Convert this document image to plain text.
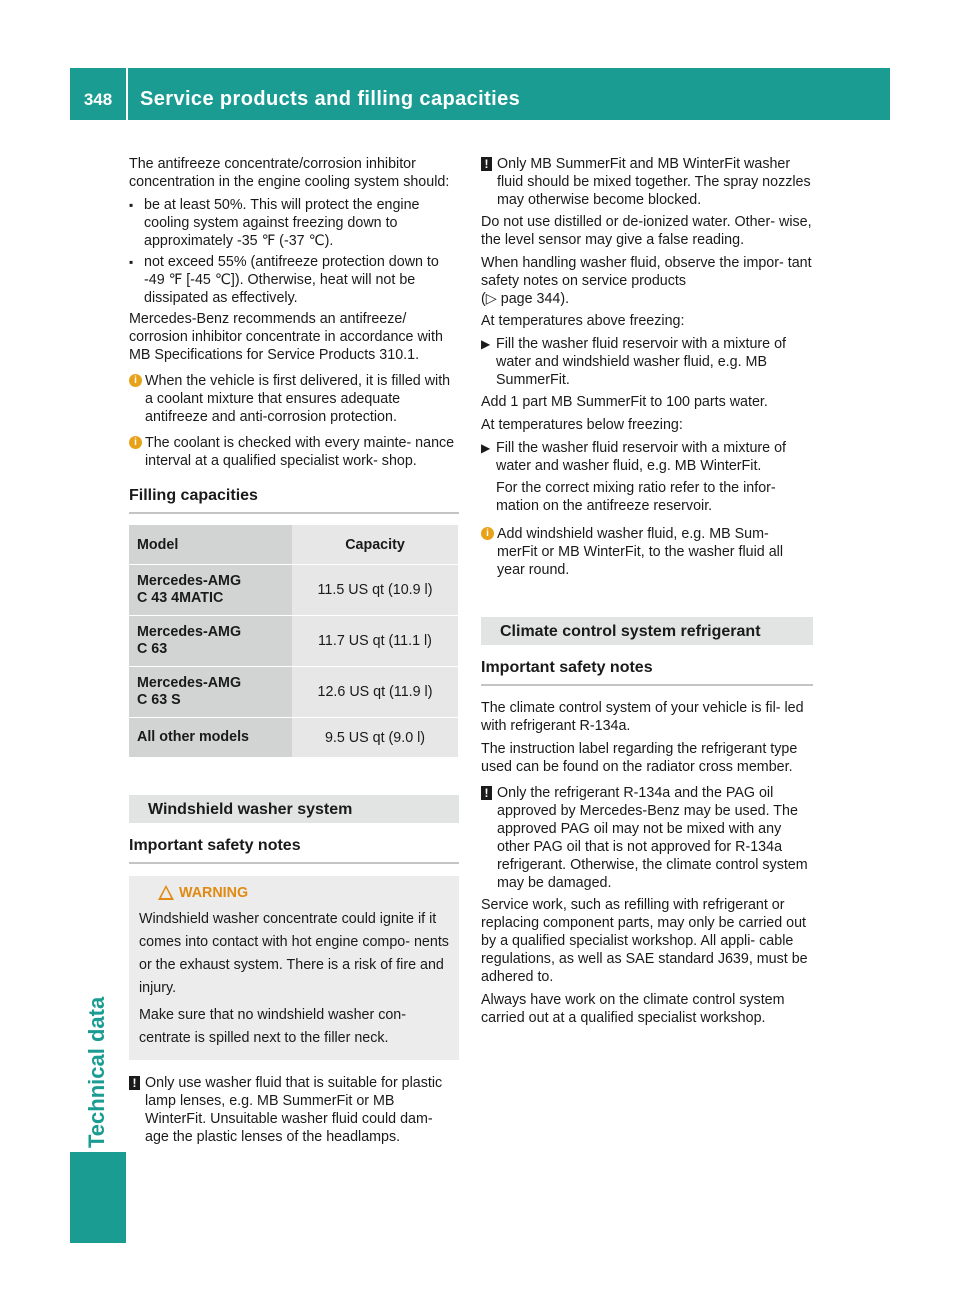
348	Service products and filling capacities
Technical data

The antifreeze concentrate/corrosion inhibitor concentration in the engine cooling system should:

▪ be at least 50%. This will protect the engine cooling system against freezing down to approximately -35 ℉ (-37 ℃).
▪ not exceed 55% (antifreeze protection down to -49 ℉ [-45 ℃]). Otherwise, heat will not be dissipated as effectively.

Mercedes-Benz recommends an antifreeze/ corrosion inhibitor concentrate in accordance with MB Specifications for Service Products 310.1.

i When the vehicle is first delivered, it is filled with a coolant mixture that ensures adequate antifreeze and anti-corrosion protection.
i The coolant is checked with every mainte- nance interval at a qualified specialist work- shop.
Filling capacities
Model	Capacity
Mercedes-AMG
C 43 4MATIC	11.5 US qt (10.9 l)
Mercedes-AMG
C 63	11.7 US qt (11.1 l)
Mercedes-AMG
C 63 S	12.6 US qt (11.9 l)
All other models	9.5 US qt (9.0 l)
Windshield washer system
Important safety notes
WARNING
Windshield washer concentrate could ignite if it comes into contact with hot engine compo- nents or the exhaust system. There is a risk of fire and injury.
Make sure that no windshield washer con- centrate is spilled next to the filler neck.
! Only use washer fluid that is suitable for plastic lamp lenses, e.g. MB SummerFit or MB WinterFit. Unsuitable washer fluid could dam- age the plastic lenses of the headlamps.
! Only MB SummerFit and MB WinterFit washer fluid should be mixed together. The spray nozzles may otherwise become blocked.

Do not use distilled or de-ionized water. Other- wise, the level sensor may give a false reading.

When handling washer fluid, observe the impor- tant safety notes on service products
(▷ page 344).

At temperatures above freezing:

▶ Fill the washer fluid reservoir with a mixture of water and windshield washer fluid, e.g. MB SummerFit.

Add 1 part MB SummerFit to 100 parts water.

At temperatures below freezing:

▶ Fill the washer fluid reservoir with a mixture of water and washer fluid, e.g. MB WinterFit.
For the correct mixing ratio refer to the infor- mation on the antifreeze reservoir.
i Add windshield washer fluid, e.g. MB Sum- merFit or MB WinterFit, to the washer fluid all year round.
Climate control system refrigerant
Important safety notes

The climate control system of your vehicle is fil- led with refrigerant R-134a.

The instruction label regarding the refrigerant type used can be found on the radiator cross member.

! Only the refrigerant R-134a and the PAG oil approved by Mercedes-Benz may be used. The approved PAG oil may not be mixed with any other PAG oil that is not approved for R-134a refrigerant. Otherwise, the climate control system may be damaged.

Service work, such as refilling with refrigerant or replacing component parts, may only be carried out by a qualified specialist workshop. All appli- cable regulations, as well as SAE standard J639, must be adhered to.

Always have work on the climate control system carried out at a qualified specialist workshop.
